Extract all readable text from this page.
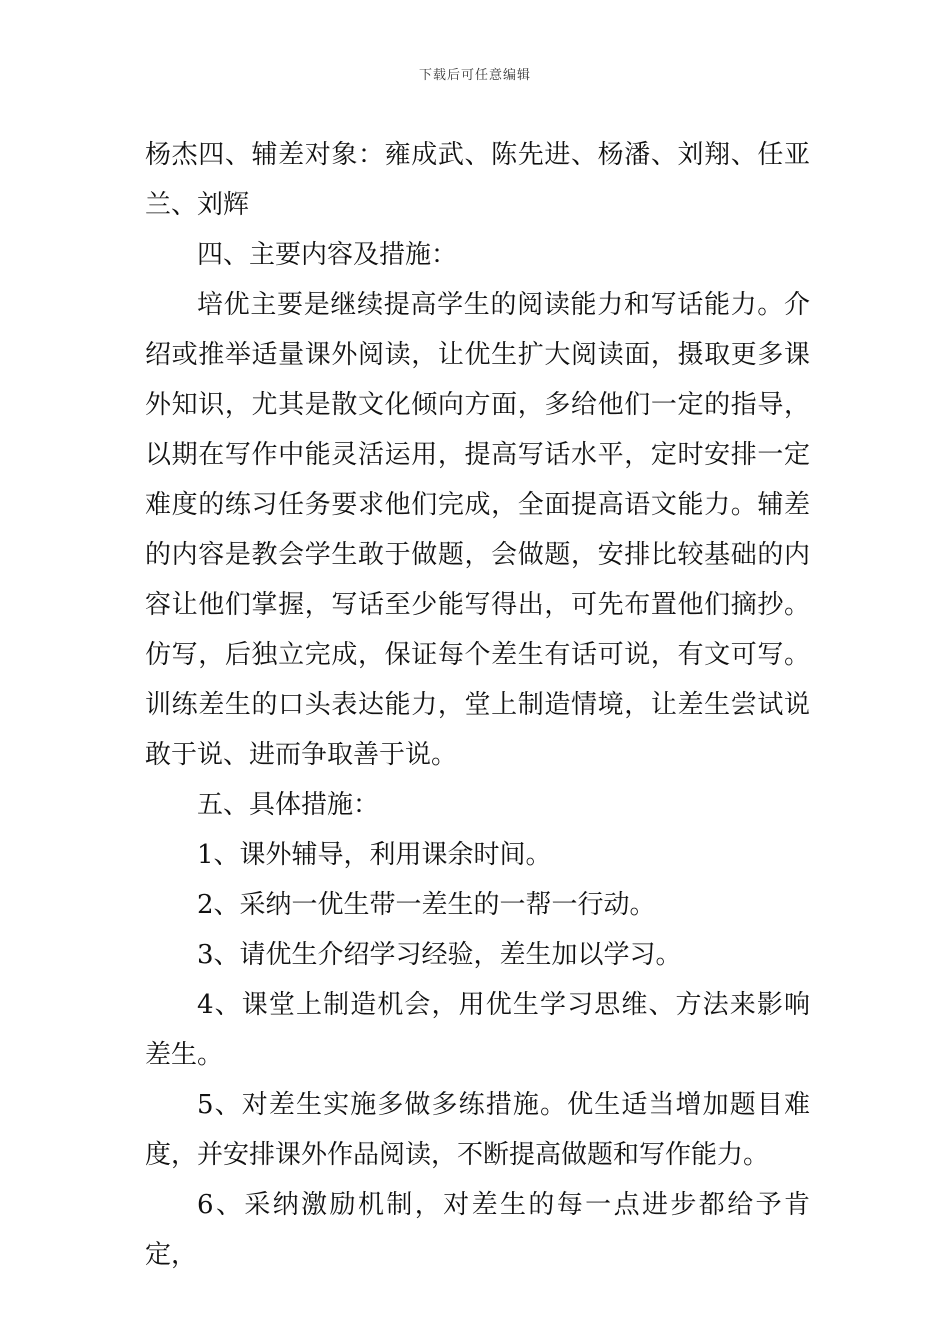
下载后可任意编辑

杨杰四、辅差对象：雍成武、陈先进、杨潘、刘翔、任亚兰、刘辉

四、主要内容及措施：

培优主要是继续提高学生的阅读能力和写话能力。介绍或推举适量课外阅读，让优生扩大阅读面，摄取更多课外知识，尤其是散文化倾向方面，多给他们一定的指导，以期在写作中能灵活运用，提高写话水平，定时安排一定难度的练习任务要求他们完成，全面提高语文能力。辅差的内容是教会学生敢于做题，会做题，安排比较基础的内容让他们掌握，写话至少能写得出，可先布置他们摘抄。仿写，后独立完成，保证每个差生有话可说，有文可写。训练差生的口头表达能力，堂上制造情境，让差生尝试说敢于说、进而争取善于说。

五、具体措施：

1、课外辅导，利用课余时间。

2、采纳一优生带一差生的一帮一行动。

3、请优生介绍学习经验，差生加以学习。

4、课堂上制造机会，用优生学习思维、方法来影响差生。

5、对差生实施多做多练措施。优生适当增加题目难度，并安排课外作品阅读，不断提高做题和写作能力。

6、采纳激励机制，对差生的每一点进步都给予肯定，
